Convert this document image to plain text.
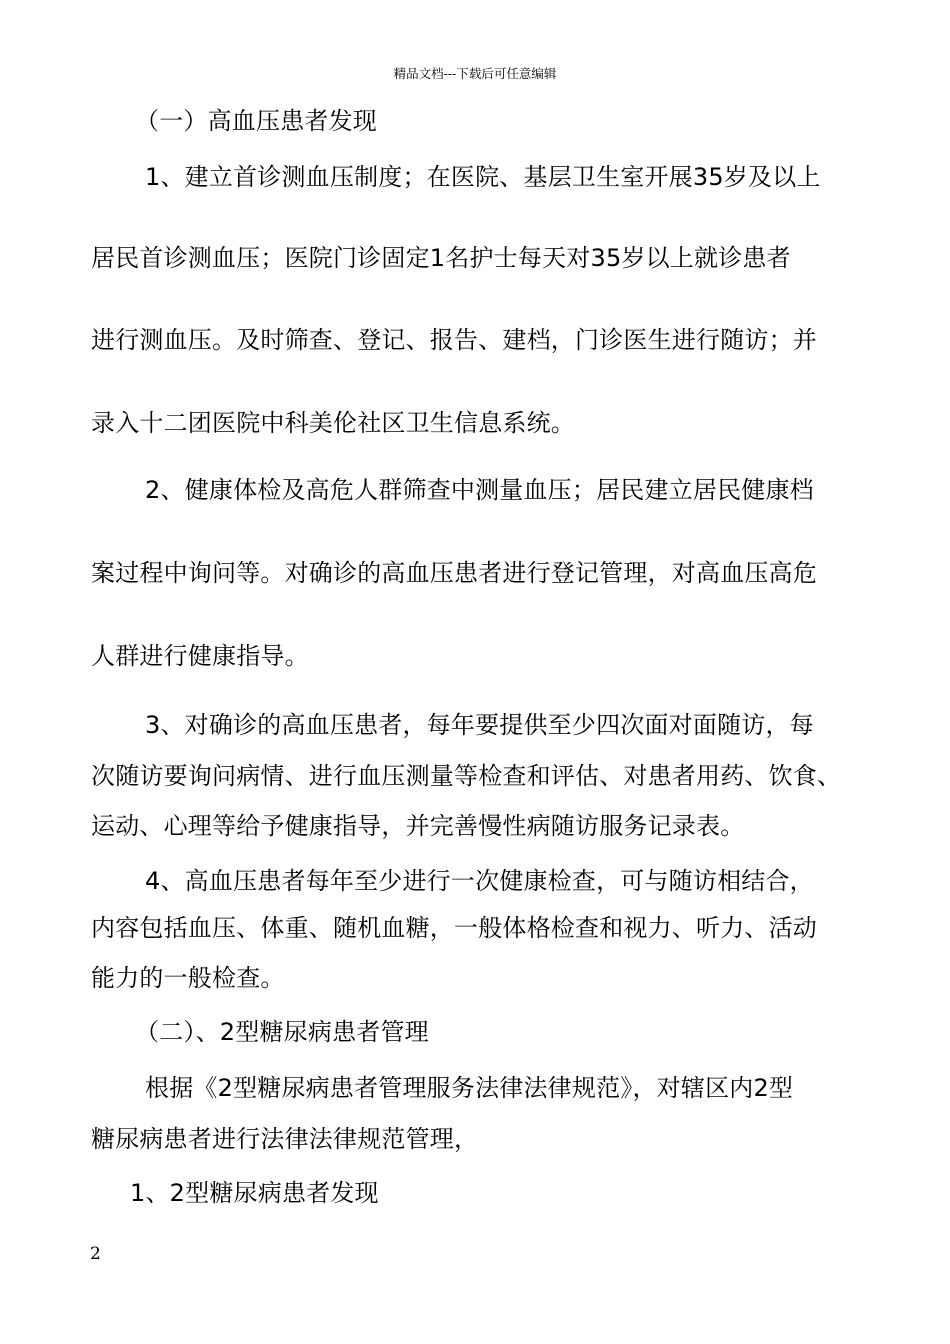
精品文档---下载后可任意编辑
（一）高血压患者发现
1、建立首诊测血压制度；在医院、基层卫生室开展35岁及以上
居民首诊测血压；医院门诊固定1名护士每天对35岁以上就诊患者
进行测血压。及时筛查、登记、报告、建档，门诊医生进行随访；并
录入十二团医院中科美伦社区卫生信息系统。
2、健康体检及高危人群筛查中测量血压；居民建立居民健康档
案过程中询问等。对确诊的高血压患者进行登记管理，对高血压高危
人群进行健康指导。
3、对确诊的高血压患者，每年要提供至少四次面对面随访，每
次随访要询问病情、进行血压测量等检查和评估、对患者用药、饮食、
运动、心理等给予健康指导，并完善慢性病随访服务记录表。
4、高血压患者每年至少进行一次健康检查，可与随访相结合，
内容包括血压、体重、随机血糖，一般体格检查和视力、听力、活动
能力的一般检查。
（二）、2型糖尿病患者管理
根据《2型糖尿病患者管理服务法律法律规范》，对辖区内2型
糖尿病患者进行法律法律规范管理，
1、2型糖尿病患者发现
2
